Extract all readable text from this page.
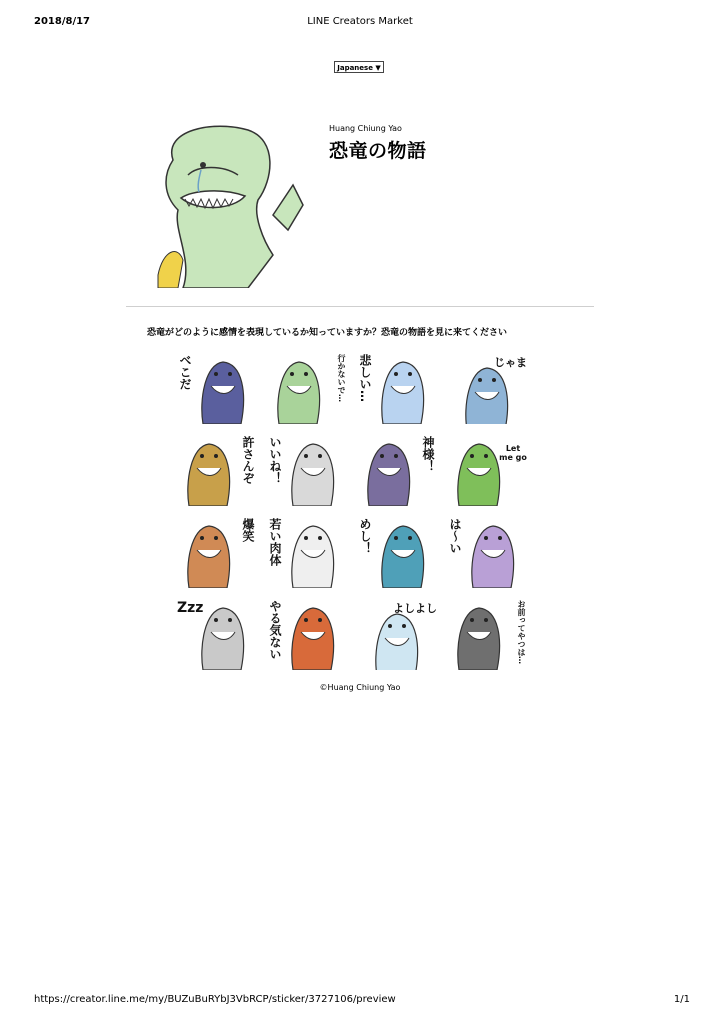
2018/8/17	LINE Creators Market
Japanese ▼
Huang Chiung Yao
恐竜の物語
恐竜がどのように感情を表現しているか知っていますか？恐竜の物語を見に来てください
べこだ	行かないで… 悲しい…	じゃま
許さんぞ いいね！	神様！	Let me go
爆笑 若い肉体	めし！	は〜い
Zzz	やる気ない	よしよし	お前ってやつは…
©Huang Chiung Yao
https://creator.line.me/my/BUZuBuRYbJ3VbRCP/sticker/3727106/preview	1/1
